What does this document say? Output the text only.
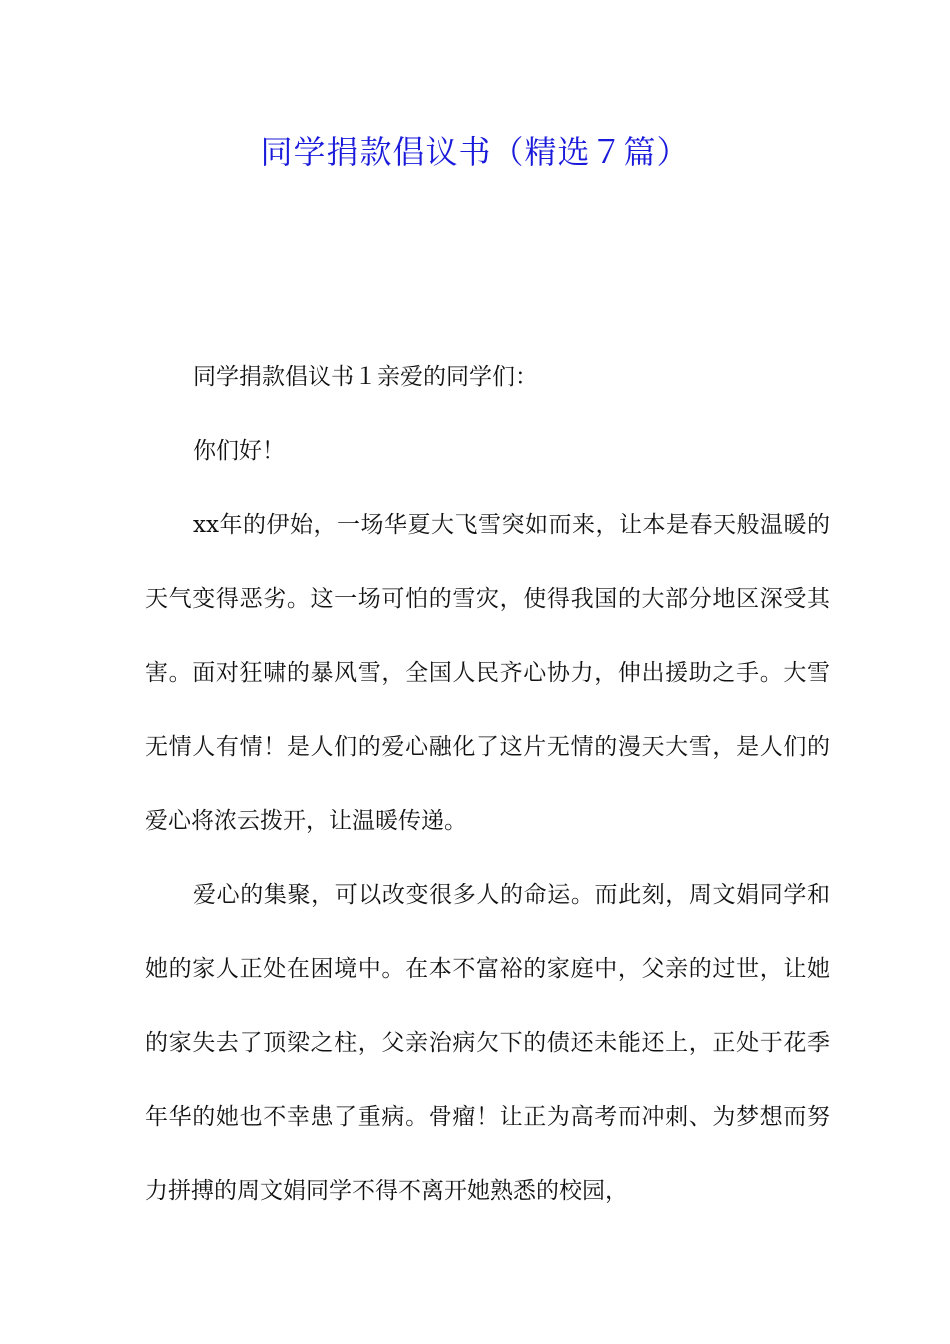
同学捐款倡议书（精选７篇）

同学捐款倡议书１亲爱的同学们：

你们好！

xx年的伊始，一场华夏大飞雪突如而来，让本是春天般温暖的天气变得恶劣。这一场可怕的雪灾，使得我国的大部分地区深受其害。面对狂啸的暴风雪，全国人民齐心协力，伸出援助之手。大雪无情人有情！是人们的爱心融化了这片无情的漫天大雪，是人们的爱心将浓云拨开，让温暖传递。

爱心的集聚，可以改变很多人的命运。而此刻，周文娟同学和她的家人正处在困境中。在本不富裕的家庭中，父亲的过世，让她的家失去了顶梁之柱，父亲治病欠下的债还未能还上，正处于花季年华的她也不幸患了重病。骨瘤！让正为高考而冲刺、为梦想而努力拼搏的周文娟同学不得不离开她熟悉的校园，
